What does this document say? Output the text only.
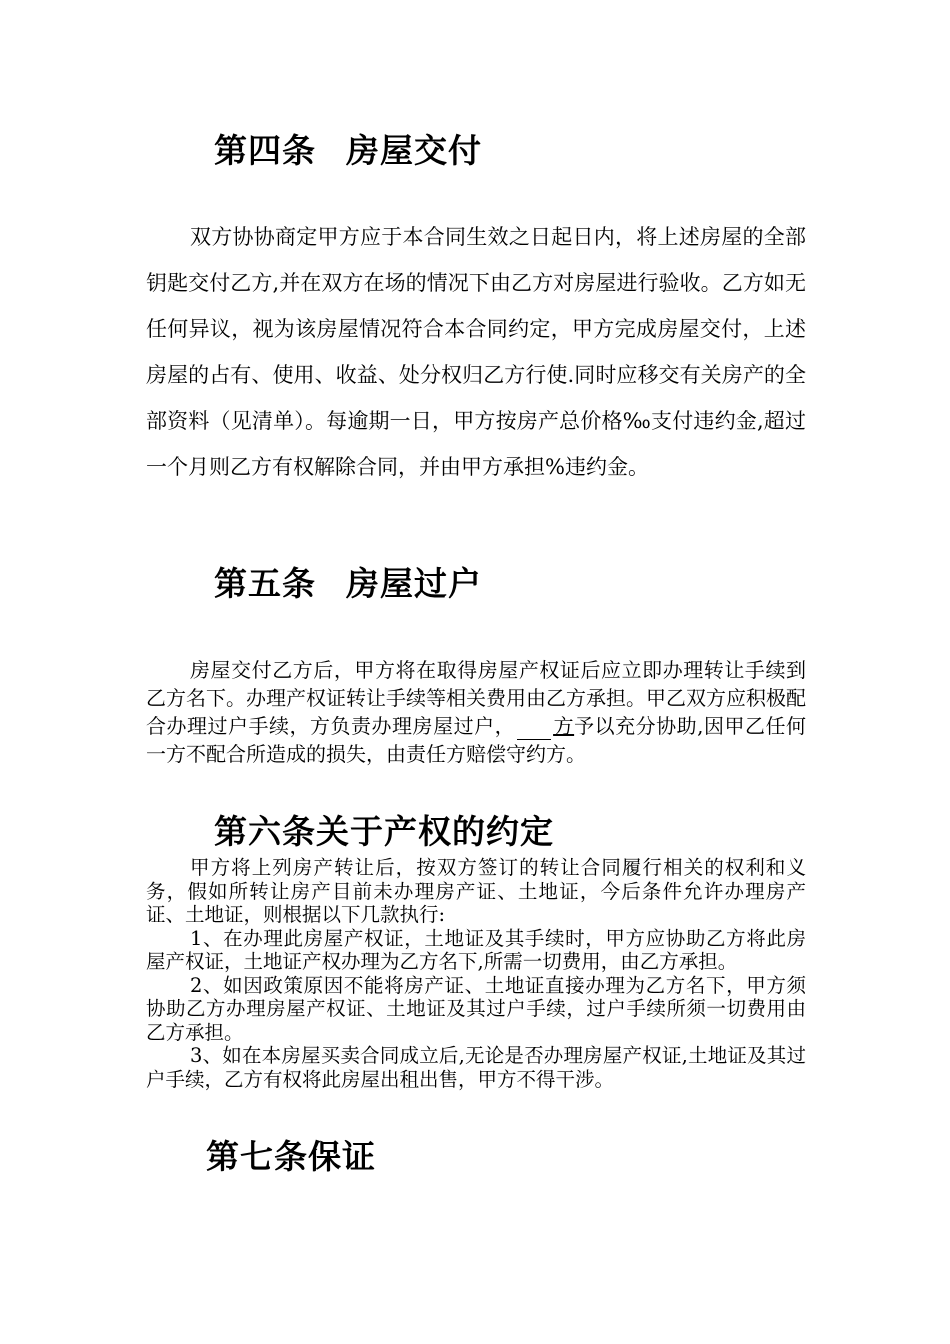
第四条 房屋交付

双方协协商定甲方应于本合同生效之日起日内，将上述房屋的全部钥匙交付乙方,并在双方在场的情况下由乙方对房屋进行验收。乙方如无任何异议，视为该房屋情况符合本合同约定，甲方完成房屋交付，上述房屋的占有、使用、收益、处分权归乙方行使.同时应移交有关房产的全部资料（见清单）。每逾期一日，甲方按房产总价格‰支付违约金,超过一个月则乙方有权解除合同，并由甲方承担%违约金。

第五条 房屋过户

房屋交付乙方后，甲方将在取得房屋产权证后应立即办理转让手续到乙方名下。办理产权证转让手续等相关费用由乙方承担。甲乙双方应积极配合办理过户手续，方负责办理房屋过户， 方予以充分协助,因甲乙任何一方不配合所造成的损失，由责任方赔偿守约方。

第六条关于产权的约定

甲方将上列房产转让后，按双方签订的转让合同履行相关的权利和义务，假如所转让房产目前未办理房产证、土地证，今后条件允许办理房产证、土地证，则根据以下几款执行:

1、在办理此房屋产权证，土地证及其手续时，甲方应协助乙方将此房屋产权证，土地证产权办理为乙方名下,所需一切费用，由乙方承担。

2、如因政策原因不能将房产证、土地证直接办理为乙方名下，甲方须协助乙方办理房屋产权证、土地证及其过户手续，过户手续所须一切费用由乙方承担。

3、如在本房屋买卖合同成立后,无论是否办理房屋产权证,土地证及其过户手续，乙方有权将此房屋出租出售，甲方不得干涉。

第七条保证
